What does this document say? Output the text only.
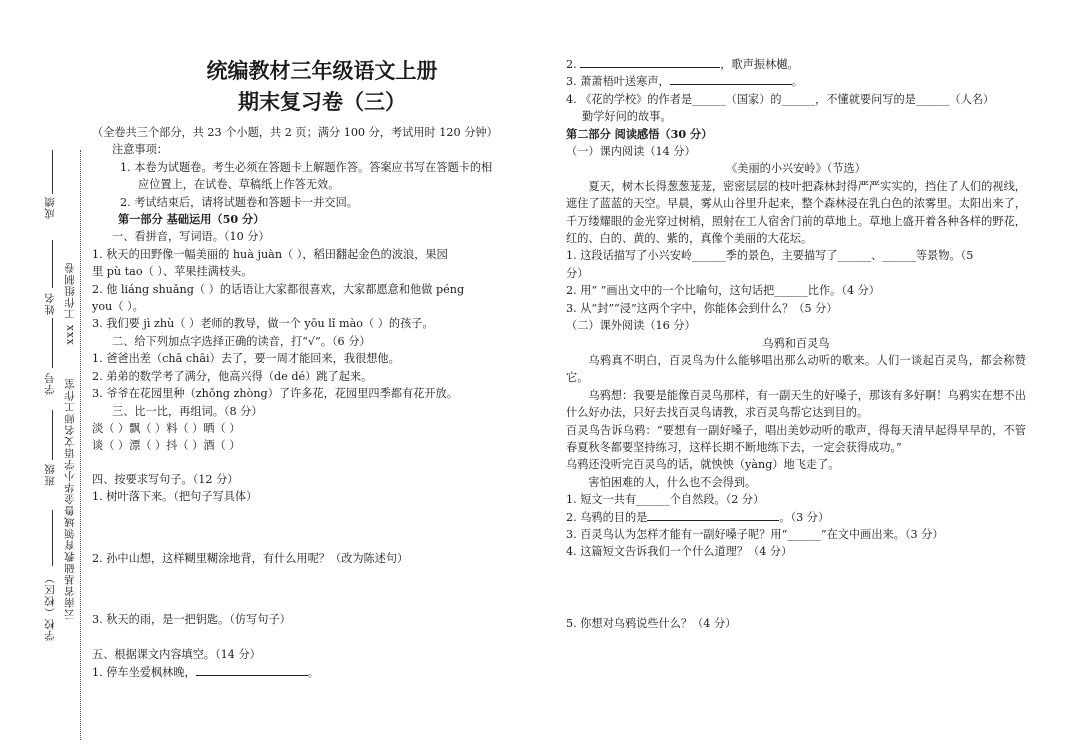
成绩
姓名 xxx 工作组制卷
学号
班级
学校（校区） 云南省基础教育领域鲁金华小学语文名师工作室
统编教材三年级语文上册
期末复习卷（三）

（全卷共三个部分，共 23 个小题，共 2 页；满分 100 分，考试用时 120 分钟）

注意事项：

1. 本卷为试题卷。考生必须在答题卡上解题作答。答案应书写在答题卡的相

应位置上，在试卷、草稿纸上作答无效。

2. 考试结束后，请将试题卷和答题卡一并交回。

第一部分 基础运用（50 分）

一、看拼音，写词语。（10 分）

1. 秋天的田野像一幅美丽的 huà juàn（ ），稻田翻起金色的波浪，果园

里 pù tao（ ）、苹果挂满枝头。

2. 他 liáng shuǎng（ ）的话语让大家都很喜欢，大家都愿意和他做 péng

you（ ）。

3. 我们要 jì zhù（ ）老师的教导，做一个 yōu lǐ mào（ ）的孩子。

二、给下列加点字选择正确的读音，打“√”。（6 分）

1. 爸爸出差（chā chāi）去了，要一周才能回来，我很想他。

2. 弟弟的数学考了满分，他高兴得（de dé）跳了起来。

3. 爷爷在花园里种（zhǒng zhòng）了许多花，花园里四季都有花开放。

三、比一比，再组词。（8 分）

淡（ ）飘（ ）料（ ）晒（ ）

谈（ ）漂（ ）抖（ ）酒（ ）

四、按要求写句子。（12 分）

1. 树叶落下来。（把句子写具体）

2. 孙中山想，这样糊里糊涂地背，有什么用呢？（改为陈述句）

3. 秋天的雨，是一把钥匙。（仿写句子）

五、根据课文内容填空。（14 分）

1. 停车坐爱枫林晚，	。

2.	，歌声振林樾。

3. 萧萧梧叶送寒声，	。

4. 《花的学校》的作者是______（国家）的______，不懂就要问写的是______（人名）

勤学好问的故事。

第二部分 阅读感悟（30 分）

（一）课内阅读（14 分）

《美丽的小兴安岭》（节选）

夏天，树木长得葱葱茏茏，密密层层的枝叶把森林封得严严实实的，挡住了人们的视线，遮住了蓝蓝的天空。早晨，雾从山谷里升起来，整个森林浸在乳白色的浓雾里。太阳出来了，千万缕耀眼的金光穿过树梢，照射在工人宿舍门前的草地上。草地上盛开着各种各样的野花，红的、白的、黄的、紫的，真像个美丽的大花坛。

1. 这段话描写了小兴安岭______季的景色，主要描写了______、______等景物。（5

分）

2. 用“ ”画出文中的一个比喻句，这句话把______比作。（4 分）

3. 从“封”“浸”这两个字中，你能体会到什么？（5 分）

（二）课外阅读（16 分）

乌鸦和百灵鸟

乌鸦真不明白，百灵鸟为什么能够唱出那么动听的歌来。人们一谈起百灵鸟，都会称赞它。

乌鸦想：我要是能像百灵鸟那样，有一副天生的好嗓子，那该有多好啊！乌鸦实在想不出什么好办法，只好去找百灵鸟请教，求百灵鸟帮它达到目的。

百灵鸟告诉乌鸦：“要想有一副好嗓子，唱出美妙动听的歌声，得每天清早起得早早的，不管春夏秋冬都要坚持练习，这样长期不断地练下去，一定会获得成功。”

乌鸦还没听完百灵鸟的话，就怏怏（yàng）地飞走了。

害怕困难的人，什么也不会得到。

1. 短文一共有______个自然段。（2 分）

2. 乌鸦的目的是	。（3 分）

3. 百灵鸟认为怎样才能有一副好嗓子呢？用“______”在文中画出来。（3 分）

4. 这篇短文告诉我们一个什么道理？（4 分）

5. 你想对乌鸦说些什么？（4 分）
